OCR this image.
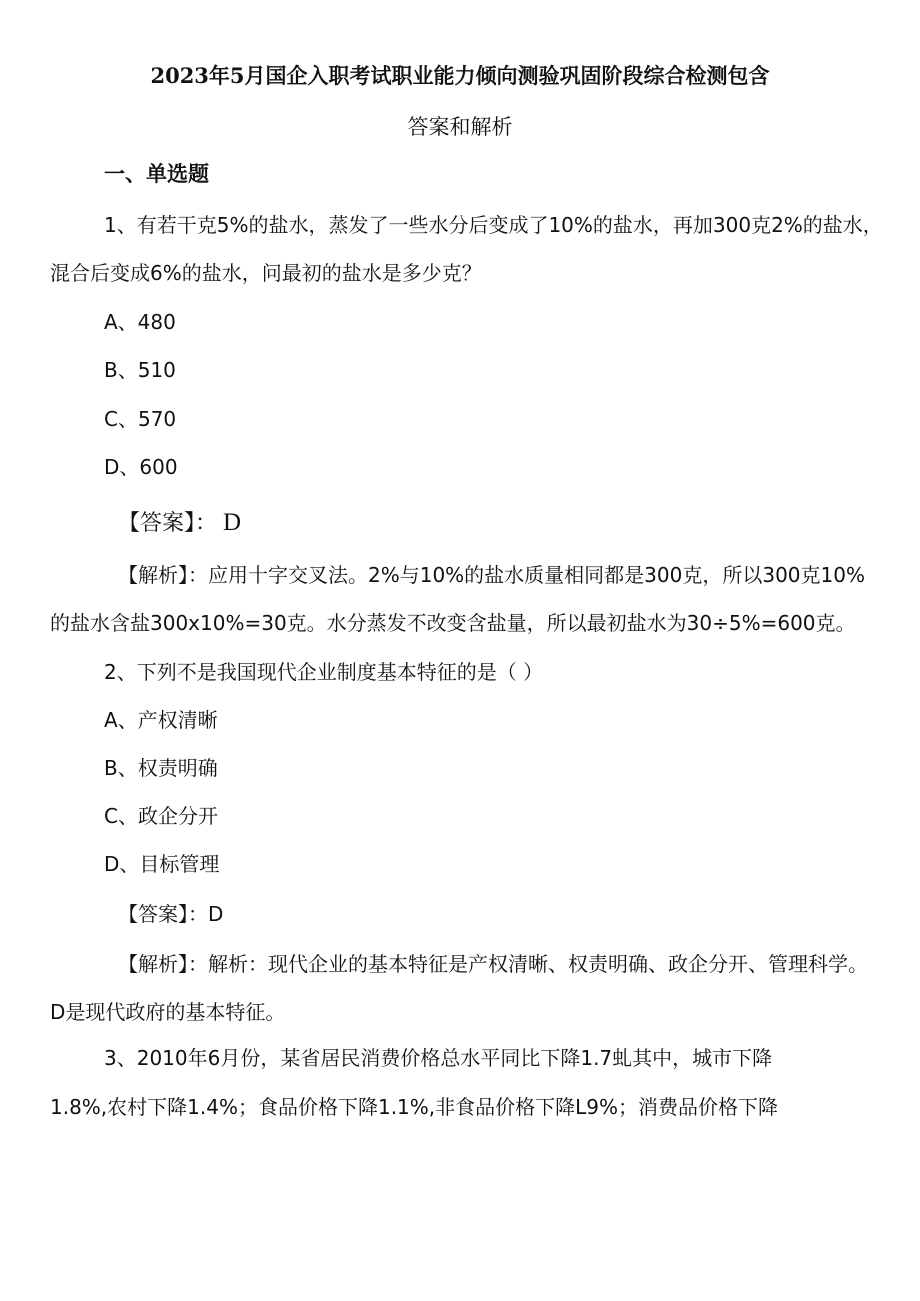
2023年5月国企入职考试职业能力倾向测验巩固阶段综合检测包含
答案和解析
一、单选题
1、有若干克5%的盐水，蒸发了一些水分后变成了10%的盐水，再加300克2%的盐水，
混合后变成6%的盐水，问最初的盐水是多少克？
A、480
B、510
C、570
D、600
【答案】： D
【解析】：应用十字交叉法。2%与10%的盐水质量相同都是300克，所以300克10%
的盐水含盐300x10%=30克。水分蒸发不改变含盐量，所以最初盐水为30÷5%=600克。
2、下列不是我国现代企业制度基本特征的是（ ）
A、产权清晰
B、权责明确
C、政企分开
D、目标管理
【答案】：D
【解析】：解析：现代企业的基本特征是产权清晰、权责明确、政企分开、管理科学。
D是现代政府的基本特征。
3、2010年6月份，某省居民消费价格总水平同比下降1.7虬其中，城市下降
1.8%,农村下降1.4%；食品价格下降1.1%,非食品价格下降L9%；消费品价格下降
